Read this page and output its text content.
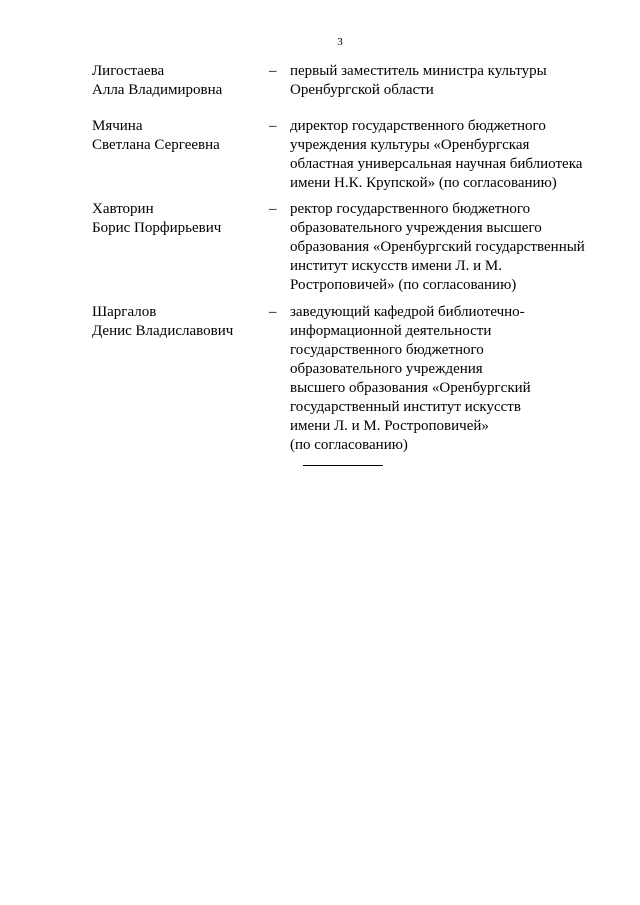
3
Лигостаева
Алла Владимировна
– первый заместитель министра культуры
Оренбургской области
Мячина
Светлана Сергеевна
– директор государственного бюджетного
учреждения культуры «Оренбургская
областная универсальная научная библиотека
имени Н.К. Крупской» (по согласованию)
Хавторин
Борис Порфирьевич
– ректор государственного бюджетного
образовательного учреждения высшего
образования «Оренбургский государственный
институт искусств имени Л. и М.
Ростроповичей» (по согласованию)
Шаргалов
Денис Владиславович
– заведующий кафедрой библиотечно-
информационной деятельности
государственного бюджетного
образовательного учреждения
высшего образования «Оренбургский
государственный институт искусств
имени Л. и М. Ростроповичей»
(по согласованию)
